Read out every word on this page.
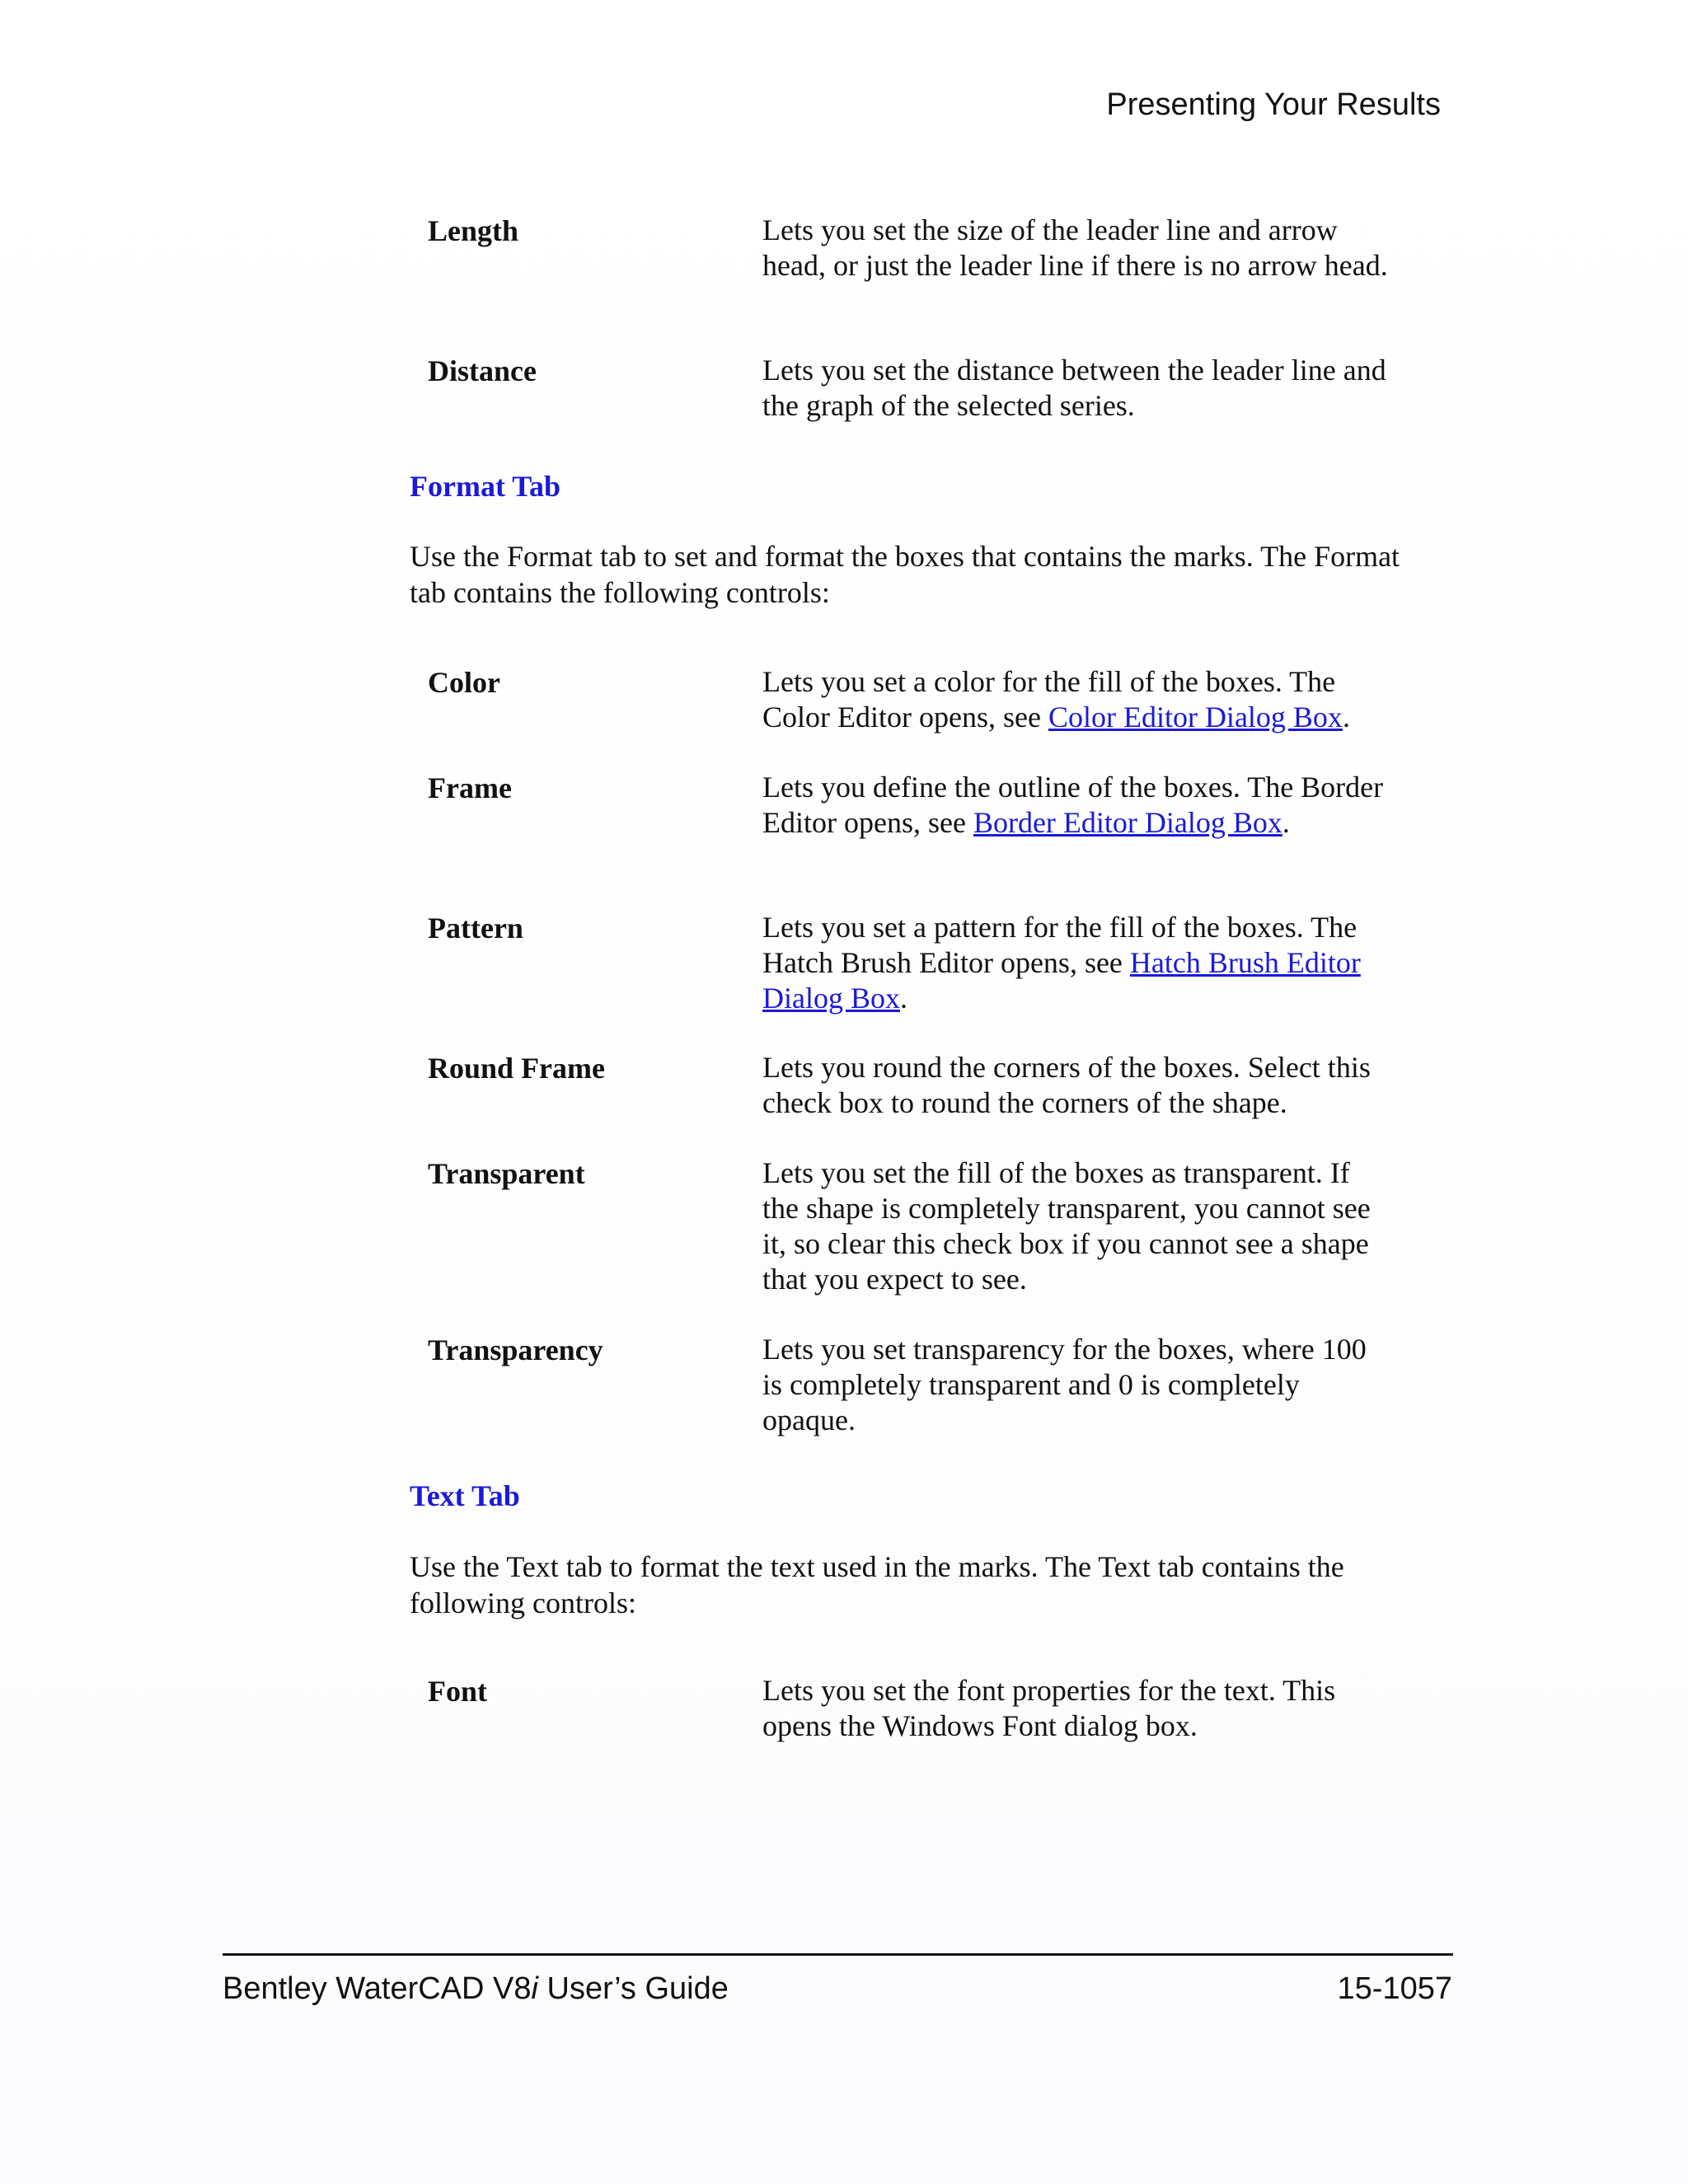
Presenting Your Results
Length	Lets you set the size of the leader line and arrow head, or just the leader line if there is no arrow head.
Distance	Lets you set the distance between the leader line and the graph of the selected series.
Format Tab
Use the Format tab to set and format the boxes that contains the marks. The Format tab contains the following controls:
Color	Lets you set a color for the fill of the boxes. The Color Editor opens, see Color Editor Dialog Box.
Frame	Lets you define the outline of the boxes. The Border Editor opens, see Border Editor Dialog Box.
Pattern	Lets you set a pattern for the fill of the boxes. The Hatch Brush Editor opens, see Hatch Brush Editor Dialog Box.
Round Frame	Lets you round the corners of the boxes. Select this check box to round the corners of the shape.
Transparent	Lets you set the fill of the boxes as transparent. If the shape is completely transparent, you cannot see it, so clear this check box if you cannot see a shape that you expect to see.
Transparency	Lets you set transparency for the boxes, where 100 is completely transparent and 0 is completely opaque.
Text Tab
Use the Text tab to format the text used in the marks. The Text tab contains the following controls:
Font	Lets you set the font properties for the text. This opens the Windows Font dialog box.
Bentley WaterCAD V8i User’s Guide	15-1057
